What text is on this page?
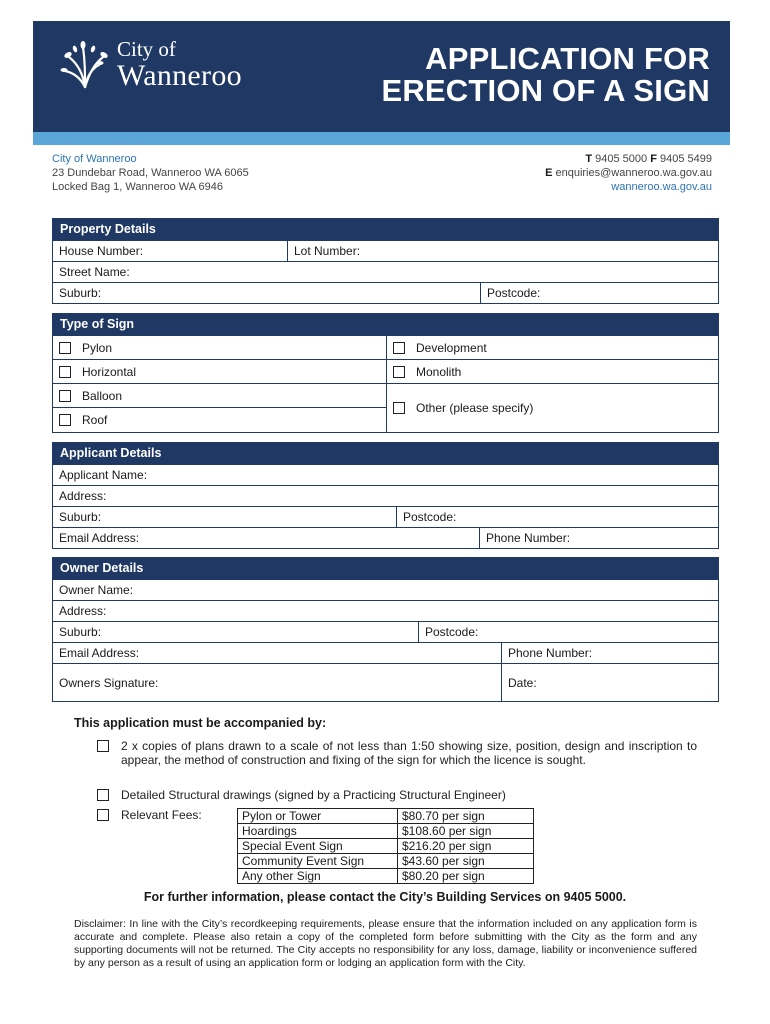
City of
Wanneroo	APPLICATION FOR
ERECTION OF A SIGN
City of Wanneroo
23 Dundebar Road, Wanneroo WA 6065
Locked Bag 1, Wanneroo WA 6946
T 9405 5000 F 9405 5499
E enquiries@wanneroo.wa.gov.au
wanneroo.wa.gov.au
Property Details
House Number:	Lot Number:
Street Name:
Suburb:	Postcode:
Type of Sign
Pylon	Development
Horizontal	Monolith
Balloon
Roof
Other (please specify)
Applicant Details
Applicant Name:
Address:
Suburb:	Postcode:
Email Address:	Phone Number:
Owner Details
Owner Name:
Address:
Suburb:	Postcode:
Email Address:	Phone Number:
Owners Signature:	Date:
This application must be accompanied by:
2 x copies of plans drawn to a scale of not less than 1:50 showing size, position, design and inscription to appear, the method of construction and fixing of the sign for which the licence is sought.
Detailed Structural drawings (signed by a Practicing Structural Engineer)
Relevant Fees:	Pylon or Tower	$80.70 per sign
Hoardings	$108.60 per sign
Special Event Sign	$216.20 per sign
Community Event Sign	$43.60 per sign
Any other Sign	$80.20 per sign
For further information, please contact the City’s Building Services on 9405 5000.
Disclaimer: In line with the City’s recordkeeping requirements, please ensure that the information included on any application form is accurate and complete. Please also retain a copy of the completed form before submitting with the City as the form and any supporting documents will not be returned. The City accepts no responsibility for any loss, damage, liability or inconvenience suffered by any person as a result of using an application form or lodging an application form with the City.
